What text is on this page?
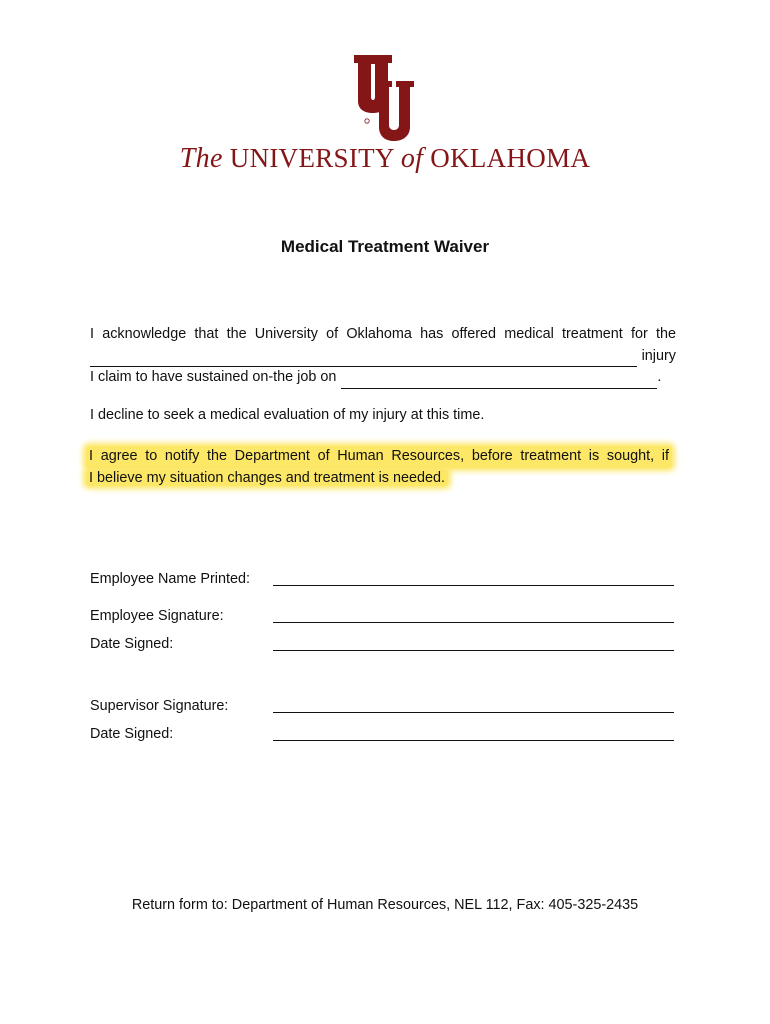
The UNIVERSITY of OKLAHOMA
Medical Treatment Waiver
I acknowledge that the University of Oklahoma has offered medical treatment for the
injury
I claim to have sustained on-the job on	.
I decline to seek a medical evaluation of my injury at this time.
I agree to notify the Department of Human Resources, before treatment is sought, if
I believe my situation changes and treatment is needed.
Employee Name Printed:
Employee Signature:
Date Signed:
Supervisor Signature:
Date Signed:
Return form to: Department of Human Resources, NEL 112, Fax: 405-325-2435
